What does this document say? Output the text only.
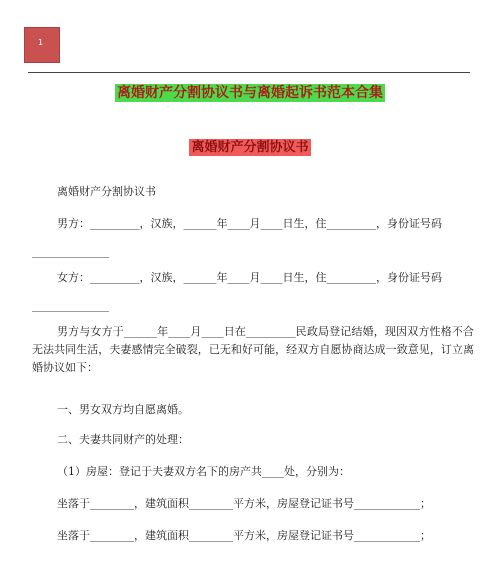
1
离婚财产分割协议书与离婚起诉书范本合集
离婚财产分割协议书
离婚财产分割协议书
男方：_________，汉族，______年____月____日生，住_________，身份证号码
______________
女方：_________，汉族，______年____月____日生，住_________，身份证号码
______________
男方与女方于______年____月____日在_________民政局登记结婚，现因双方性格不合无法共同生活，夫妻感情完全破裂，已无和好可能，经双方自愿协商达成一致意见，订立离婚协议如下：
一、男女双方均自愿离婚。
二、夫妻共同财产的处理：
（1）房屋：登记于夫妻双方名下的房产共____处，分别为：
坐落于________，建筑面积________平方米，房屋登记证书号____________；
坐落于________，建筑面积________平方米，房屋登记证书号____________；
